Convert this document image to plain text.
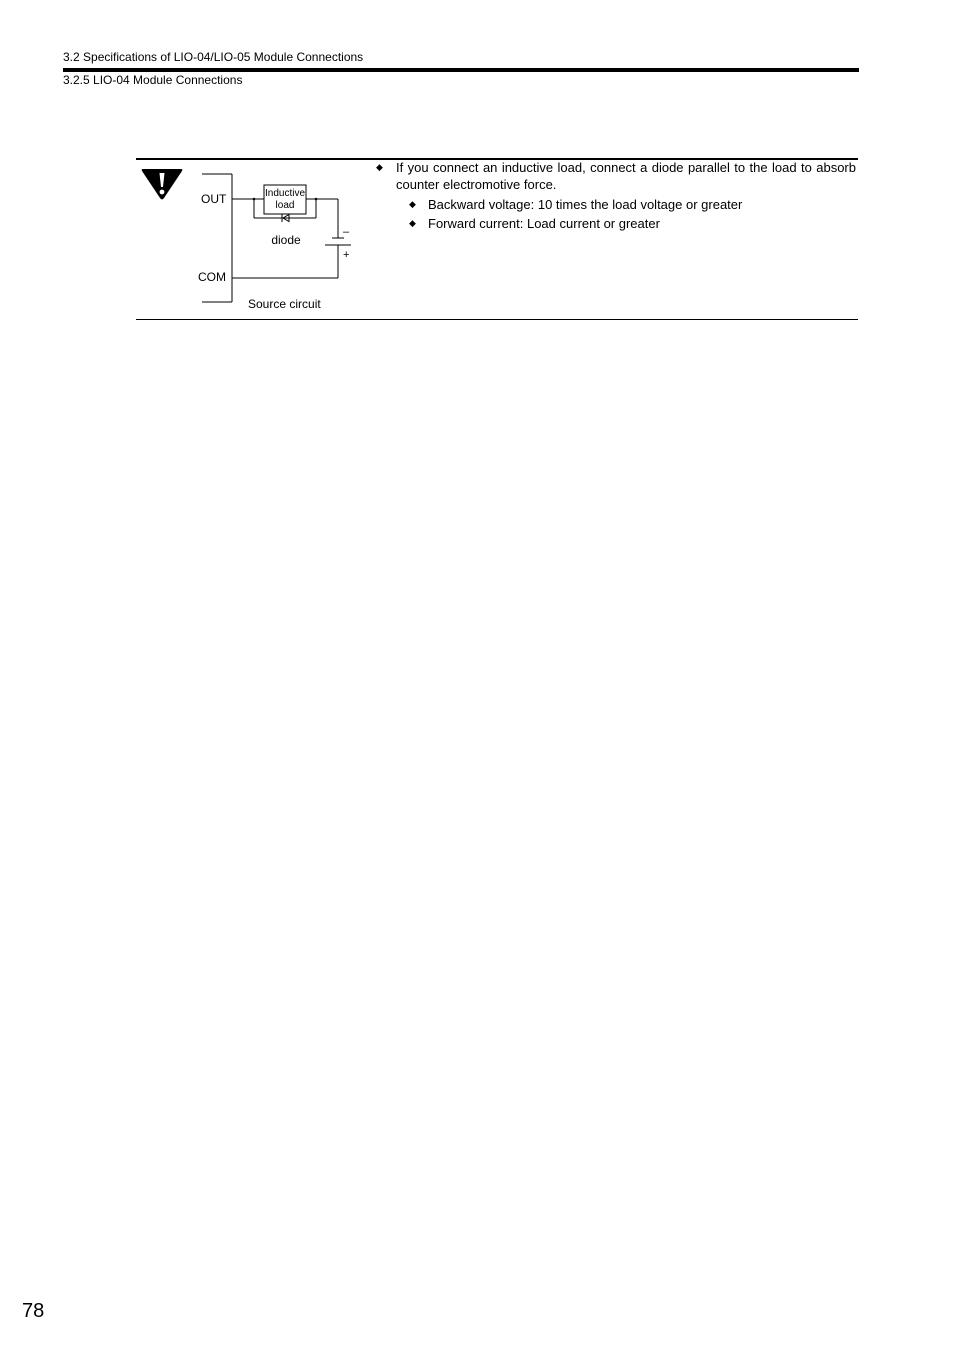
3.2 Specifications of LIO-04/LIO-05 Module Connections
3.2.5 LIO-04 Module Connections
Inductive
load
OUT
COM
diode
–
+
Source circuit
◆ If you connect an inductive load, connect a diode parallel to the load to absorb counter electromotive force.
◆ Backward voltage: 10 times the load voltage or greater
◆ Forward current: Load current or greater
78
